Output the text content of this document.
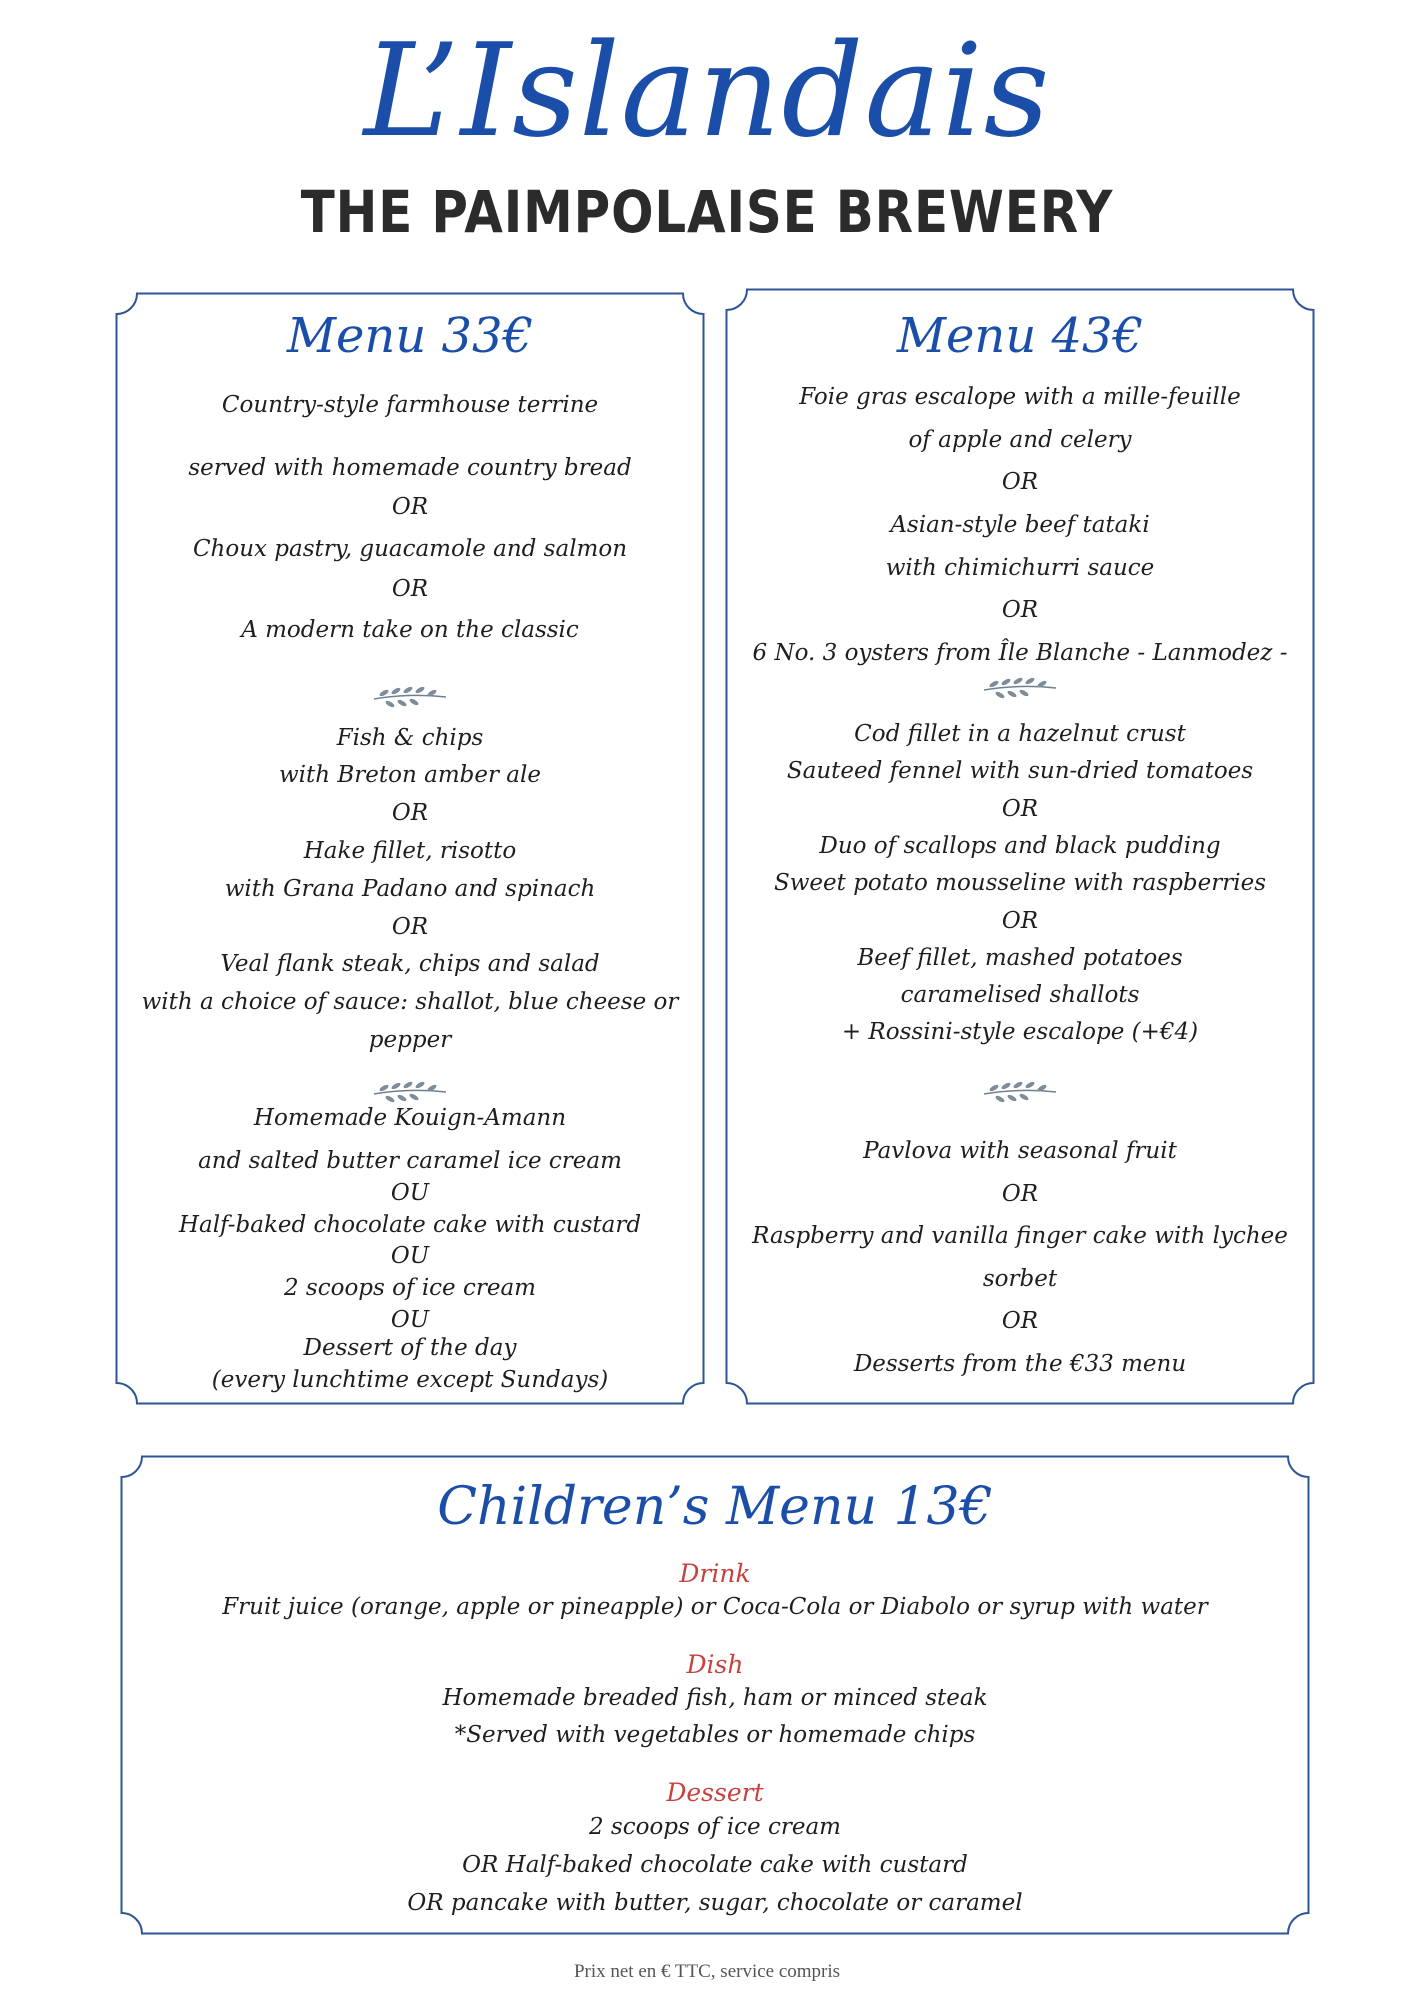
L’Islandais
THE PAIMPOLAISE BREWERY
Menu 33€
Country-style farmhouse terrine
served with homemade country bread
OR
Choux pastry, guacamole and salmon
OR
A modern take on the classic
Fish & chips
with Breton amber ale
OR
Hake fillet, risotto
with Grana Padano and spinach
OR
Veal flank steak, chips and salad
with a choice of sauce: shallot, blue cheese or
pepper
Homemade Kouign-Amann
and salted butter caramel ice cream
OU
Half-baked chocolate cake with custard
OU
2 scoops of ice cream
OU
Dessert of the day
(every lunchtime except Sundays)
Menu 43€
Foie gras escalope with a mille-feuille
of apple and celery
OR
Asian-style beef tataki
with chimichurri sauce
OR
6 No. 3 oysters from Île Blanche - Lanmodez -
Cod fillet in a hazelnut crust
Sauteed fennel with sun-dried tomatoes
OR
Duo of scallops and black pudding
Sweet potato mousseline with raspberries
OR
Beef fillet, mashed potatoes
caramelised shallots
+ Rossini-style escalope (+€4)
Pavlova with seasonal fruit
OR
Raspberry and vanilla finger cake with lychee
sorbet
OR
Desserts from the €33 menu
Children’s Menu 13€
Drink
Fruit juice (orange, apple or pineapple) or Coca-Cola or Diabolo or syrup with water
Dish
Homemade breaded fish, ham or minced steak
*Served with vegetables or homemade chips
Dessert
2 scoops of ice cream
OR Half-baked chocolate cake with custard
OR pancake with butter, sugar, chocolate or caramel
Prix net en € TTC, service compris
